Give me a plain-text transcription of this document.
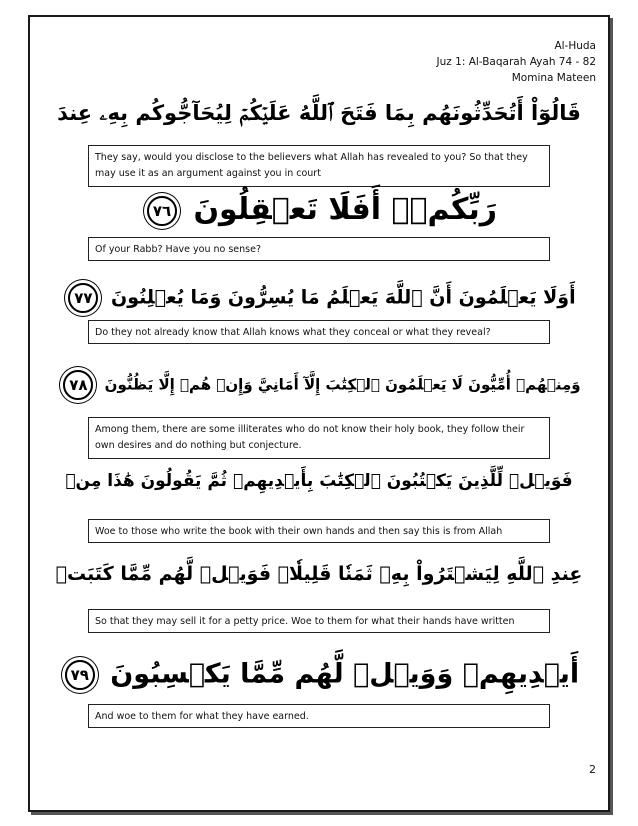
Al-Huda
Juz 1: Al-Baqarah Ayah 74 - 82
Momina Mateen
قَالُوٓاْ أَتُحَدِّثُونَهُم بِمَا فَتَحَ ٱللَّهُ عَلَيۡكُمۡ لِيُحَآجُّوكُم بِهِۦ عِندَ
They say, would you disclose to the believers what Allah has revealed to you? So that they may use it as an argument against you in court
رَبِّكُمۡۚ أَفَلَا تَعۡقِلُونَ ٧٦
Of your Rabb? Have you no sense?
أَوَلَا يَعۡلَمُونَ أَنَّ ٱللَّهَ يَعۡلَمُ مَا يُسِرُّونَ وَمَا يُعۡلِنُونَ ٧٧
Do they not already know that Allah knows what they conceal or what they reveal?
وَمِنۡهُمۡ أُمِّيُّونَ لَا يَعۡلَمُونَ ٱلۡكِتَٰبَ إِلَّآ أَمَانِيَّ وَإِنۡ هُمۡ إِلَّا يَظُنُّونَ ٧٨
Among them, there are some illiterates who do not know their holy book, they follow their own desires and do nothing but conjecture.
فَوَيۡلٞ لِّلَّذِينَ يَكۡتُبُونَ ٱلۡكِتَٰبَ بِأَيۡدِيهِمۡ ثُمَّ يَقُولُونَ هَٰذَا مِنۡ
Woe to those who write the book with their own hands and then say this is from Allah
عِندِ ٱللَّهِ لِيَشۡتَرُواْ بِهِۦ ثَمَنٗا قَلِيلٗاۖ فَوَيۡلٞ لَّهُم مِّمَّا كَتَبَتۡ
So that they may sell it for a petty price. Woe to them for what their hands have written
أَيۡدِيهِمۡ وَوَيۡلٞ لَّهُم مِّمَّا يَكۡسِبُونَ ٧٩
And woe to them for what they have earned.
2
